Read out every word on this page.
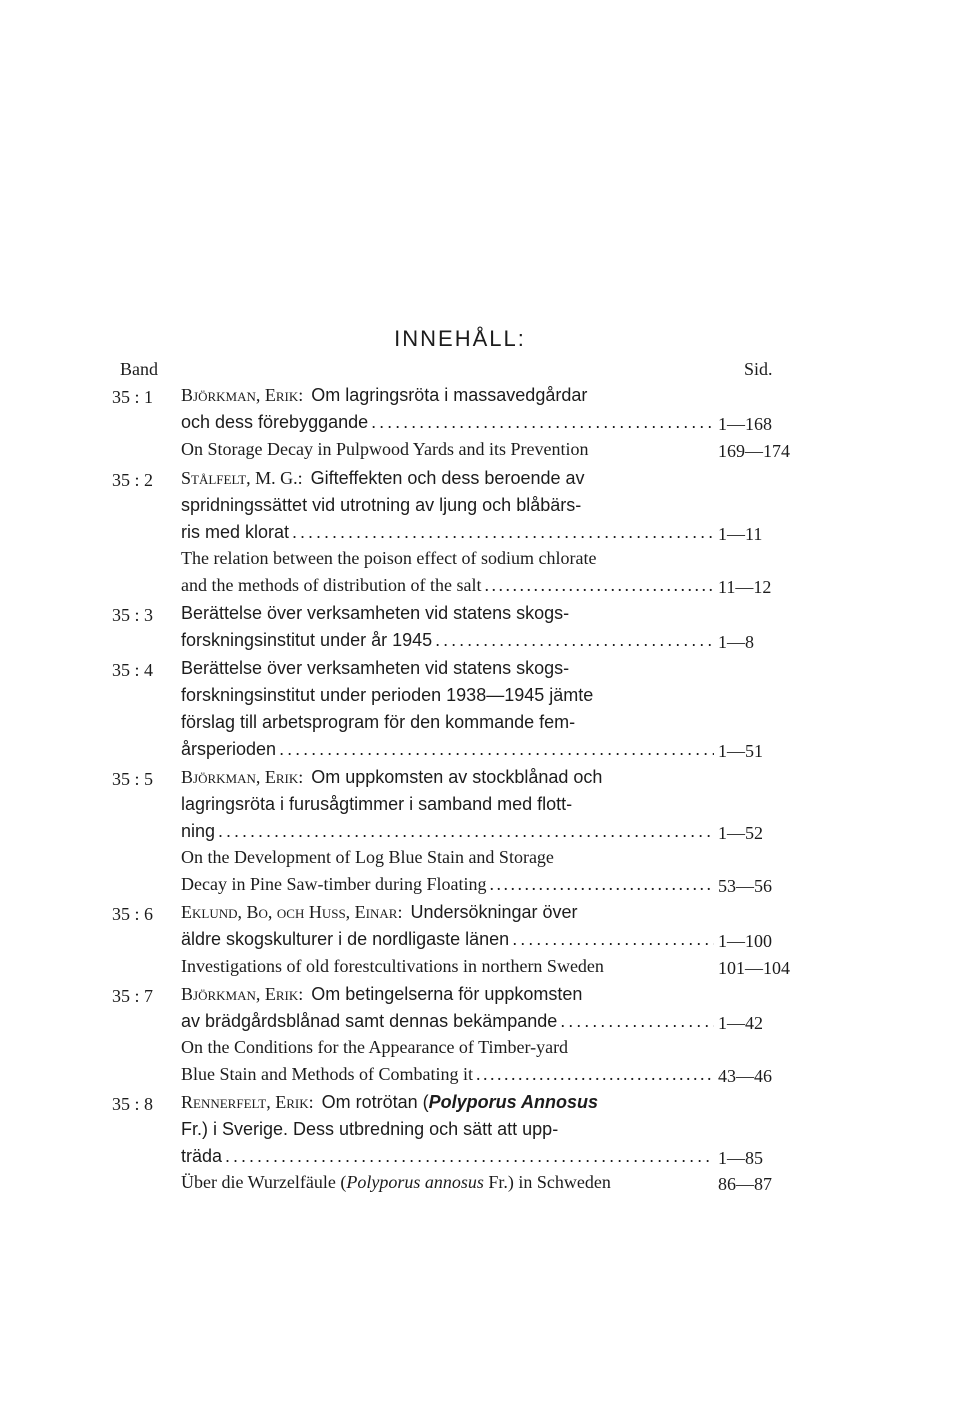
INNEHÅLL:
Band	Sid.
35 : 1	Björkman, Erik: Om lagringsröta i massavedgårdar
och dess förebyggande . . .	1—168
On Storage Decay in Pulpwood Yards and its Prevention	169—174
35 : 2	Stålfelt, M. G.: Gifteffekten och dess beroende av
spridningssättet vid utrotning av ljung och blåbärs-
ris med klorat . . .	1—11
The relation between the poison effect of sodium chlorate
and the methods of distribution of the salt . . .	11—12
35 : 3	Berättelse över verksamheten vid statens skogs-
forskningsinstitut under år 1945 . . .	1—8
35 : 4	Berättelse över verksamheten vid statens skogs-
forskningsinstitut under perioden 1938—1945 jämte
förslag till arbetsprogram för den kommande fem-
årsperioden . . .	1—51
35 : 5	Björkman, Erik: Om uppkomsten av stockblånad och
lagringsröta i furusågtimmer i samband med flott-
ning . . .	1—52
On the Development of Log Blue Stain and Storage
Decay in Pine Saw-timber during Floating . . .	53—56
35 : 6	Eklund, Bo, och Huss, Einar: Undersökningar över
äldre skogskulturer i de nordligaste länen . . .	1—100
Investigations of old forestcultivations in northern Sweden	101—104
35 : 7	Björkman, Erik: Om betingelserna för uppkomsten
av brädgårdsblånad samt dennas bekämpande . . .	1—42
On the Conditions for the Appearance of Timber-yard
Blue Stain and Methods of Combating it . . .	43—46
35 : 8	Rennerfelt, Erik: Om rotrötan ( Polyporus Annosus
Fr.) i Sverige. Dess utbredning och sätt att upp-
träda . . .	1—85
Über die Wurzelfäule ( Polyporus annosus Fr.) in Schweden	86—87
